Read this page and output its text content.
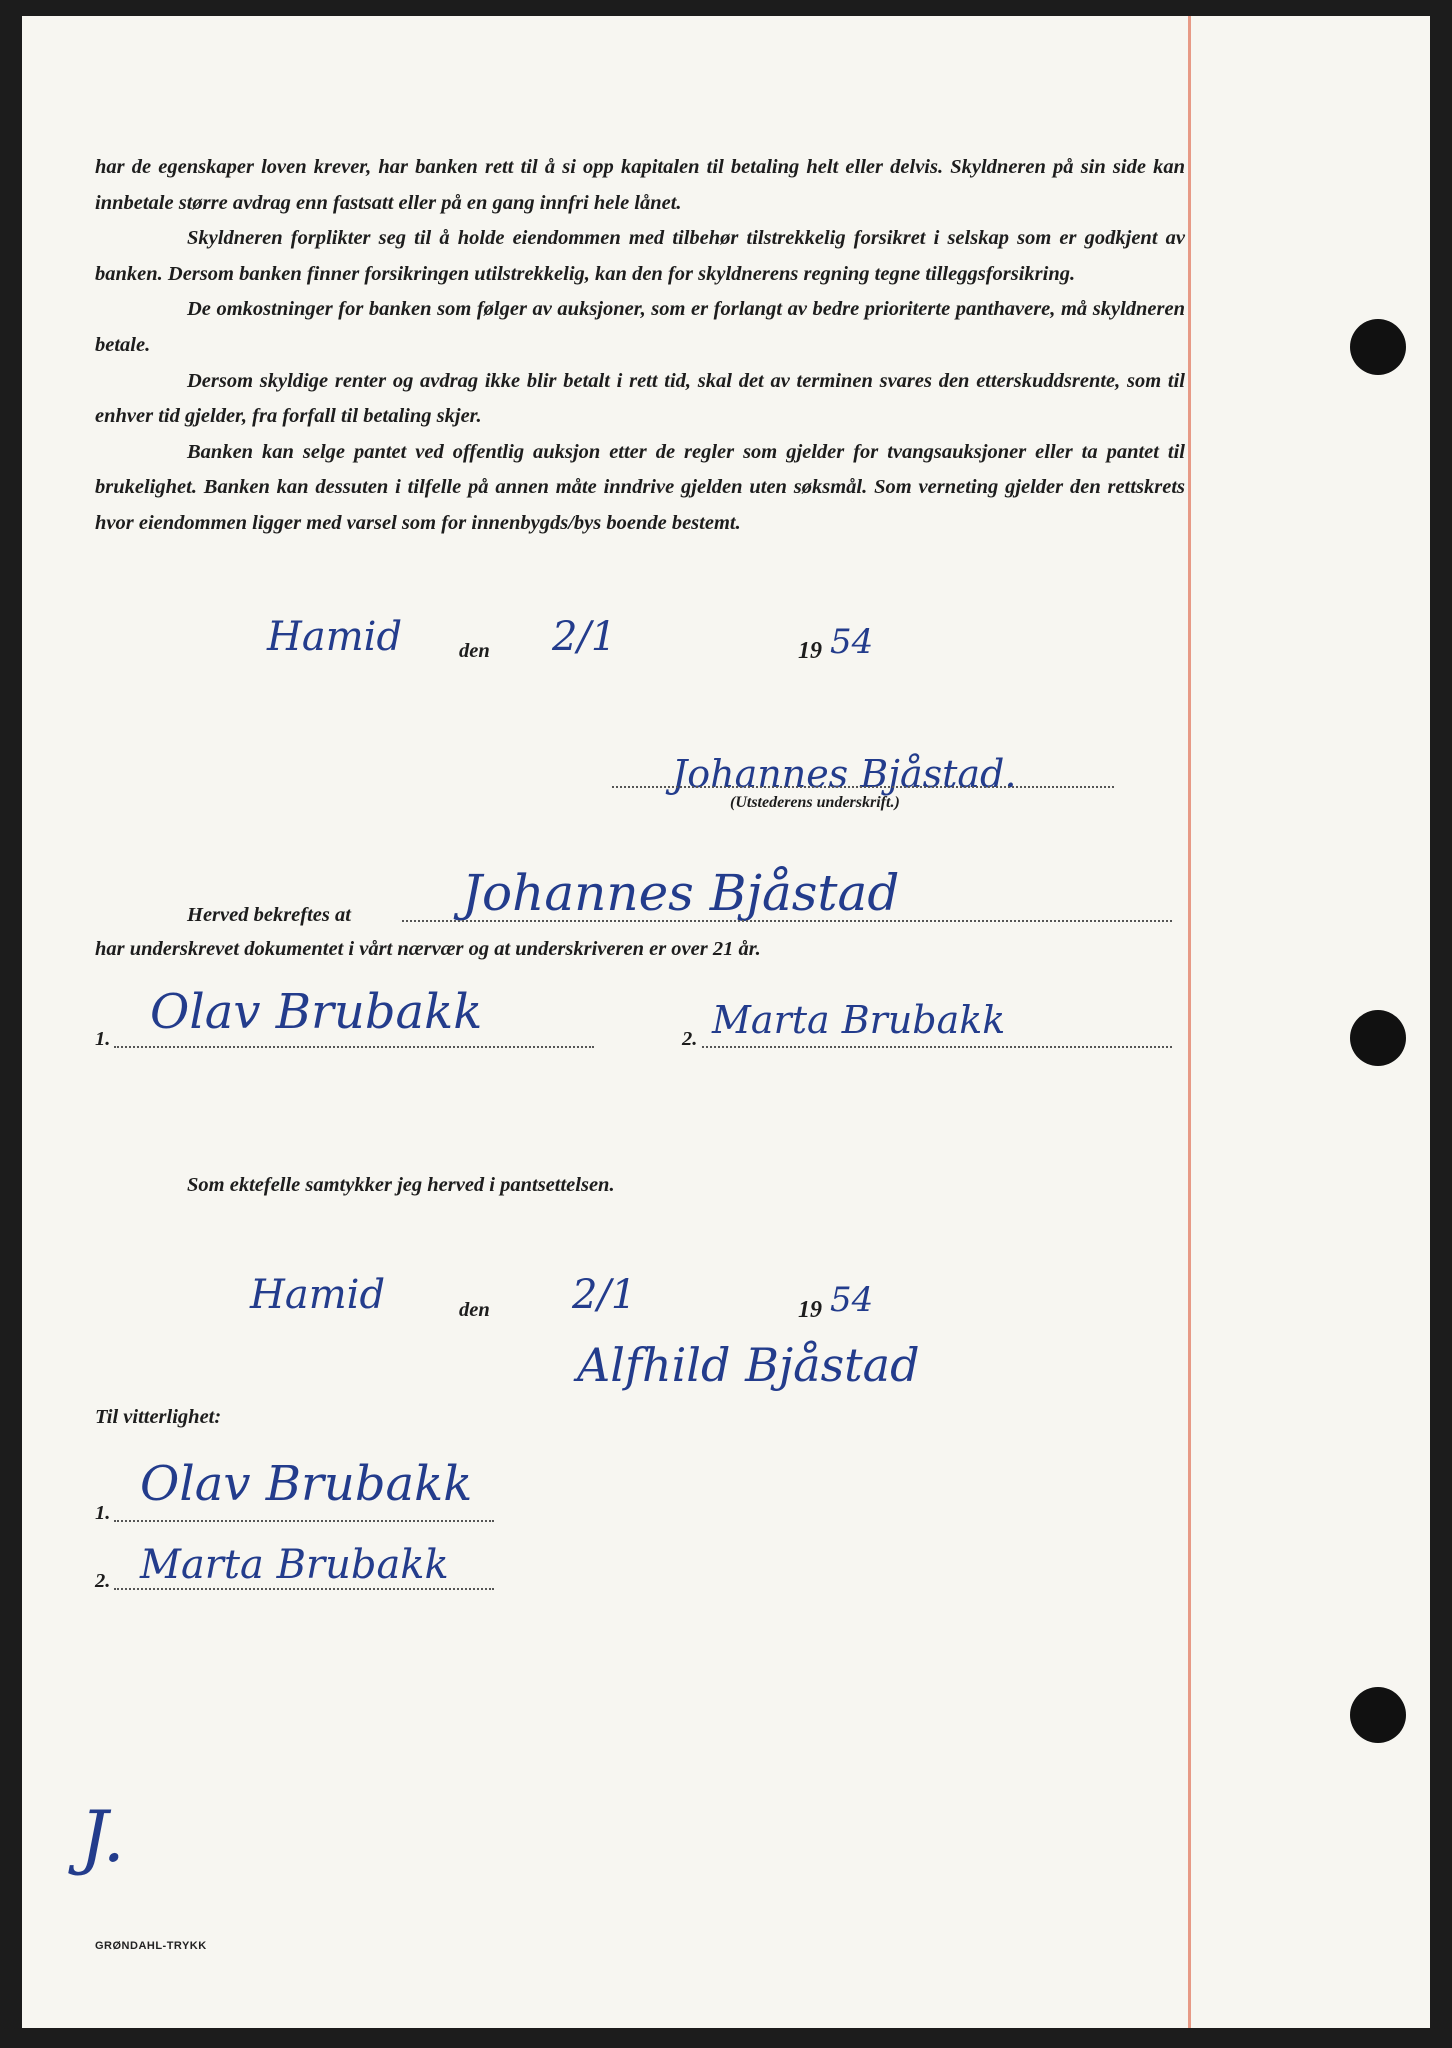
har de egenskaper loven krever, har banken rett til å si opp kapitalen til betaling helt eller delvis. Skyldneren på sin side kan innbetale større avdrag enn fastsatt eller på en gang innfri hele lånet.

Skyldneren forplikter seg til å holde eiendommen med tilbehør tilstrekkelig forsikret i selskap som er godkjent av banken. Dersom banken finner forsikringen utilstrekkelig, kan den for skyldnerens regning tegne tilleggsforsikring.

De omkostninger for banken som følger av auksjoner, som er forlangt av bedre prioriterte panthavere, må skyldneren betale.

Dersom skyldige renter og avdrag ikke blir betalt i rett tid, skal det av terminen svares den etterskuddsrente, som til enhver tid gjelder, fra forfall til betaling skjer.

Banken kan selge pantet ved offentlig auksjon etter de regler som gjelder for tvangsauksjoner eller ta pantet til brukelighet. Banken kan dessuten i tilfelle på annen måte inndrive gjelden uten søksmål. Som verneting gjelder den rettskrets hvor eiendommen ligger med varsel som for innenbygds/bys boende bestemt.

Hamid	den 2/1	19 54
Johannes Bjåstad.
(Utstederens underskrift.)
Herved bekreftes at Johannes Bjåstad
har underskrevet dokumentet i vårt nærvær og at underskriveren er over 21 år.
1. Olav Brubakk	2. Marta Brubakk
Som ektefelle samtykker jeg herved i pantsettelsen.
Hamid	den 2/1	19 54
Alfhild Bjåstad
Til vitterlighet:
1.
Olav Brubakk
2. Marta Brubakk
J.
GRØNDAHL-TRYKK
